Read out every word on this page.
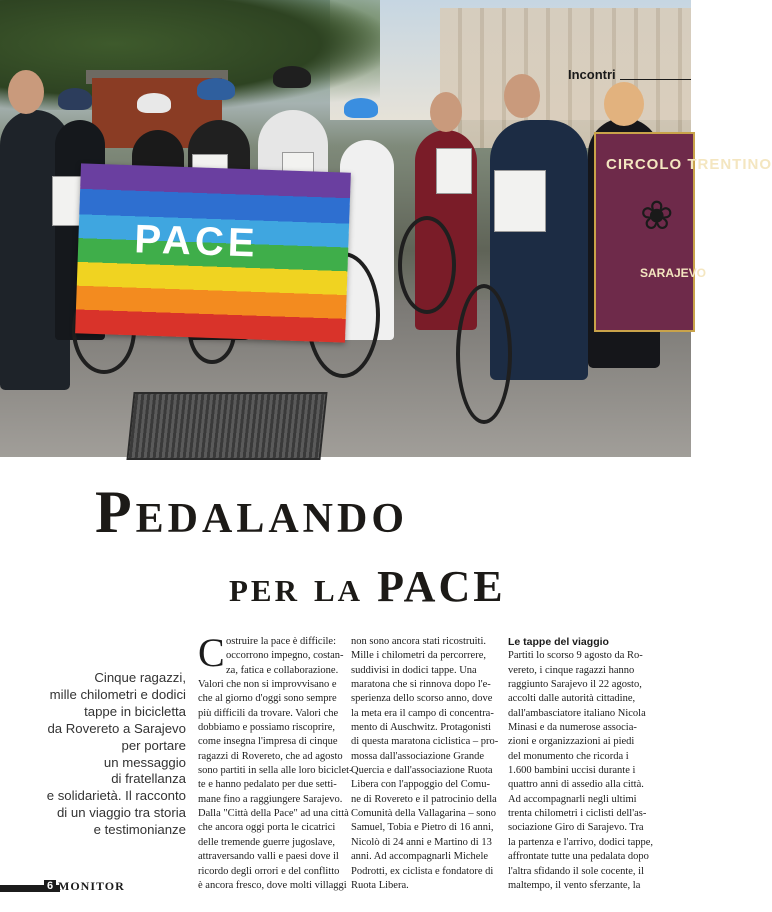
PACE
CIRCOLO TRENTINO
❀
SARAJEVO
Incontri
Pedalando
per la PACE
Cinque ragazzi,
mille chilometri e dodici
tappe in bicicletta
da Rovereto a Sarajevo
per portare
un messaggio
di fratellanza
e solidarietà. Il racconto
di un viaggio tra storia
e testimonianze
C ostruire la pace è difficile:
occorrono impegno, costan-
za, fatica e collaborazione.
Valori che non si improvvisano e
che al giorno d'oggi sono sempre
più difficili da trovare. Valori che
dobbiamo e possiamo riscoprire,
come insegna l'impresa di cinque
ragazzi di Rovereto, che ad agosto
sono partiti in sella alle loro biciclet-
te e hanno pedalato per due setti-
mane fino a raggiungere Sarajevo.
Dalla "Città della Pace" ad una città
che ancora oggi porta le cicatrici
delle tremende guerre jugoslave,
attraversando valli e paesi dove il
ricordo degli orrori e del conflitto
è ancora fresco, dove molti villaggi
non sono ancora stati ricostruiti.
Mille i chilometri da percorrere,
suddivisi in dodici tappe. Una
maratona che si rinnova dopo l'e-
sperienza dello scorso anno, dove
la meta era il campo di concentra-
mento di Auschwitz. Protagonisti
di questa maratona ciclistica – pro-
mossa dall'associazione Grande
Quercia e dall'associazione Ruota
Libera con l'appoggio del Comu-
ne di Rovereto e il patrocinio della
Comunità della Vallagarina – sono
Samuel, Tobia e Pietro di 16 anni,
Nicolò di 24 anni e Martino di 13
anni. Ad accompagnarli Michele
Podrotti, ex ciclista e fondatore di
Ruota Libera.
Le tappe del viaggio
Partiti lo scorso 9 agosto da Ro-
vereto, i cinque ragazzi hanno
raggiunto Sarajevo il 22 agosto,
accolti dalle autorità cittadine,
dall'ambasciatore italiano Nicola
Minasi e da numerose associa-
zioni e organizzazioni ai piedi
del monumento che ricorda i
1.600 bambini uccisi durante i
quattro anni di assedio alla città.
Ad accompagnarli negli ultimi
trenta chilometri i ciclisti dell'as-
sociazione Giro di Sarajevo. Tra
la partenza e l'arrivo, dodici tappe,
affrontate tutte una pedalata dopo
l'altra sfidando il sole cocente, il
maltempo, il vento sferzante, la
6 MONITOR
